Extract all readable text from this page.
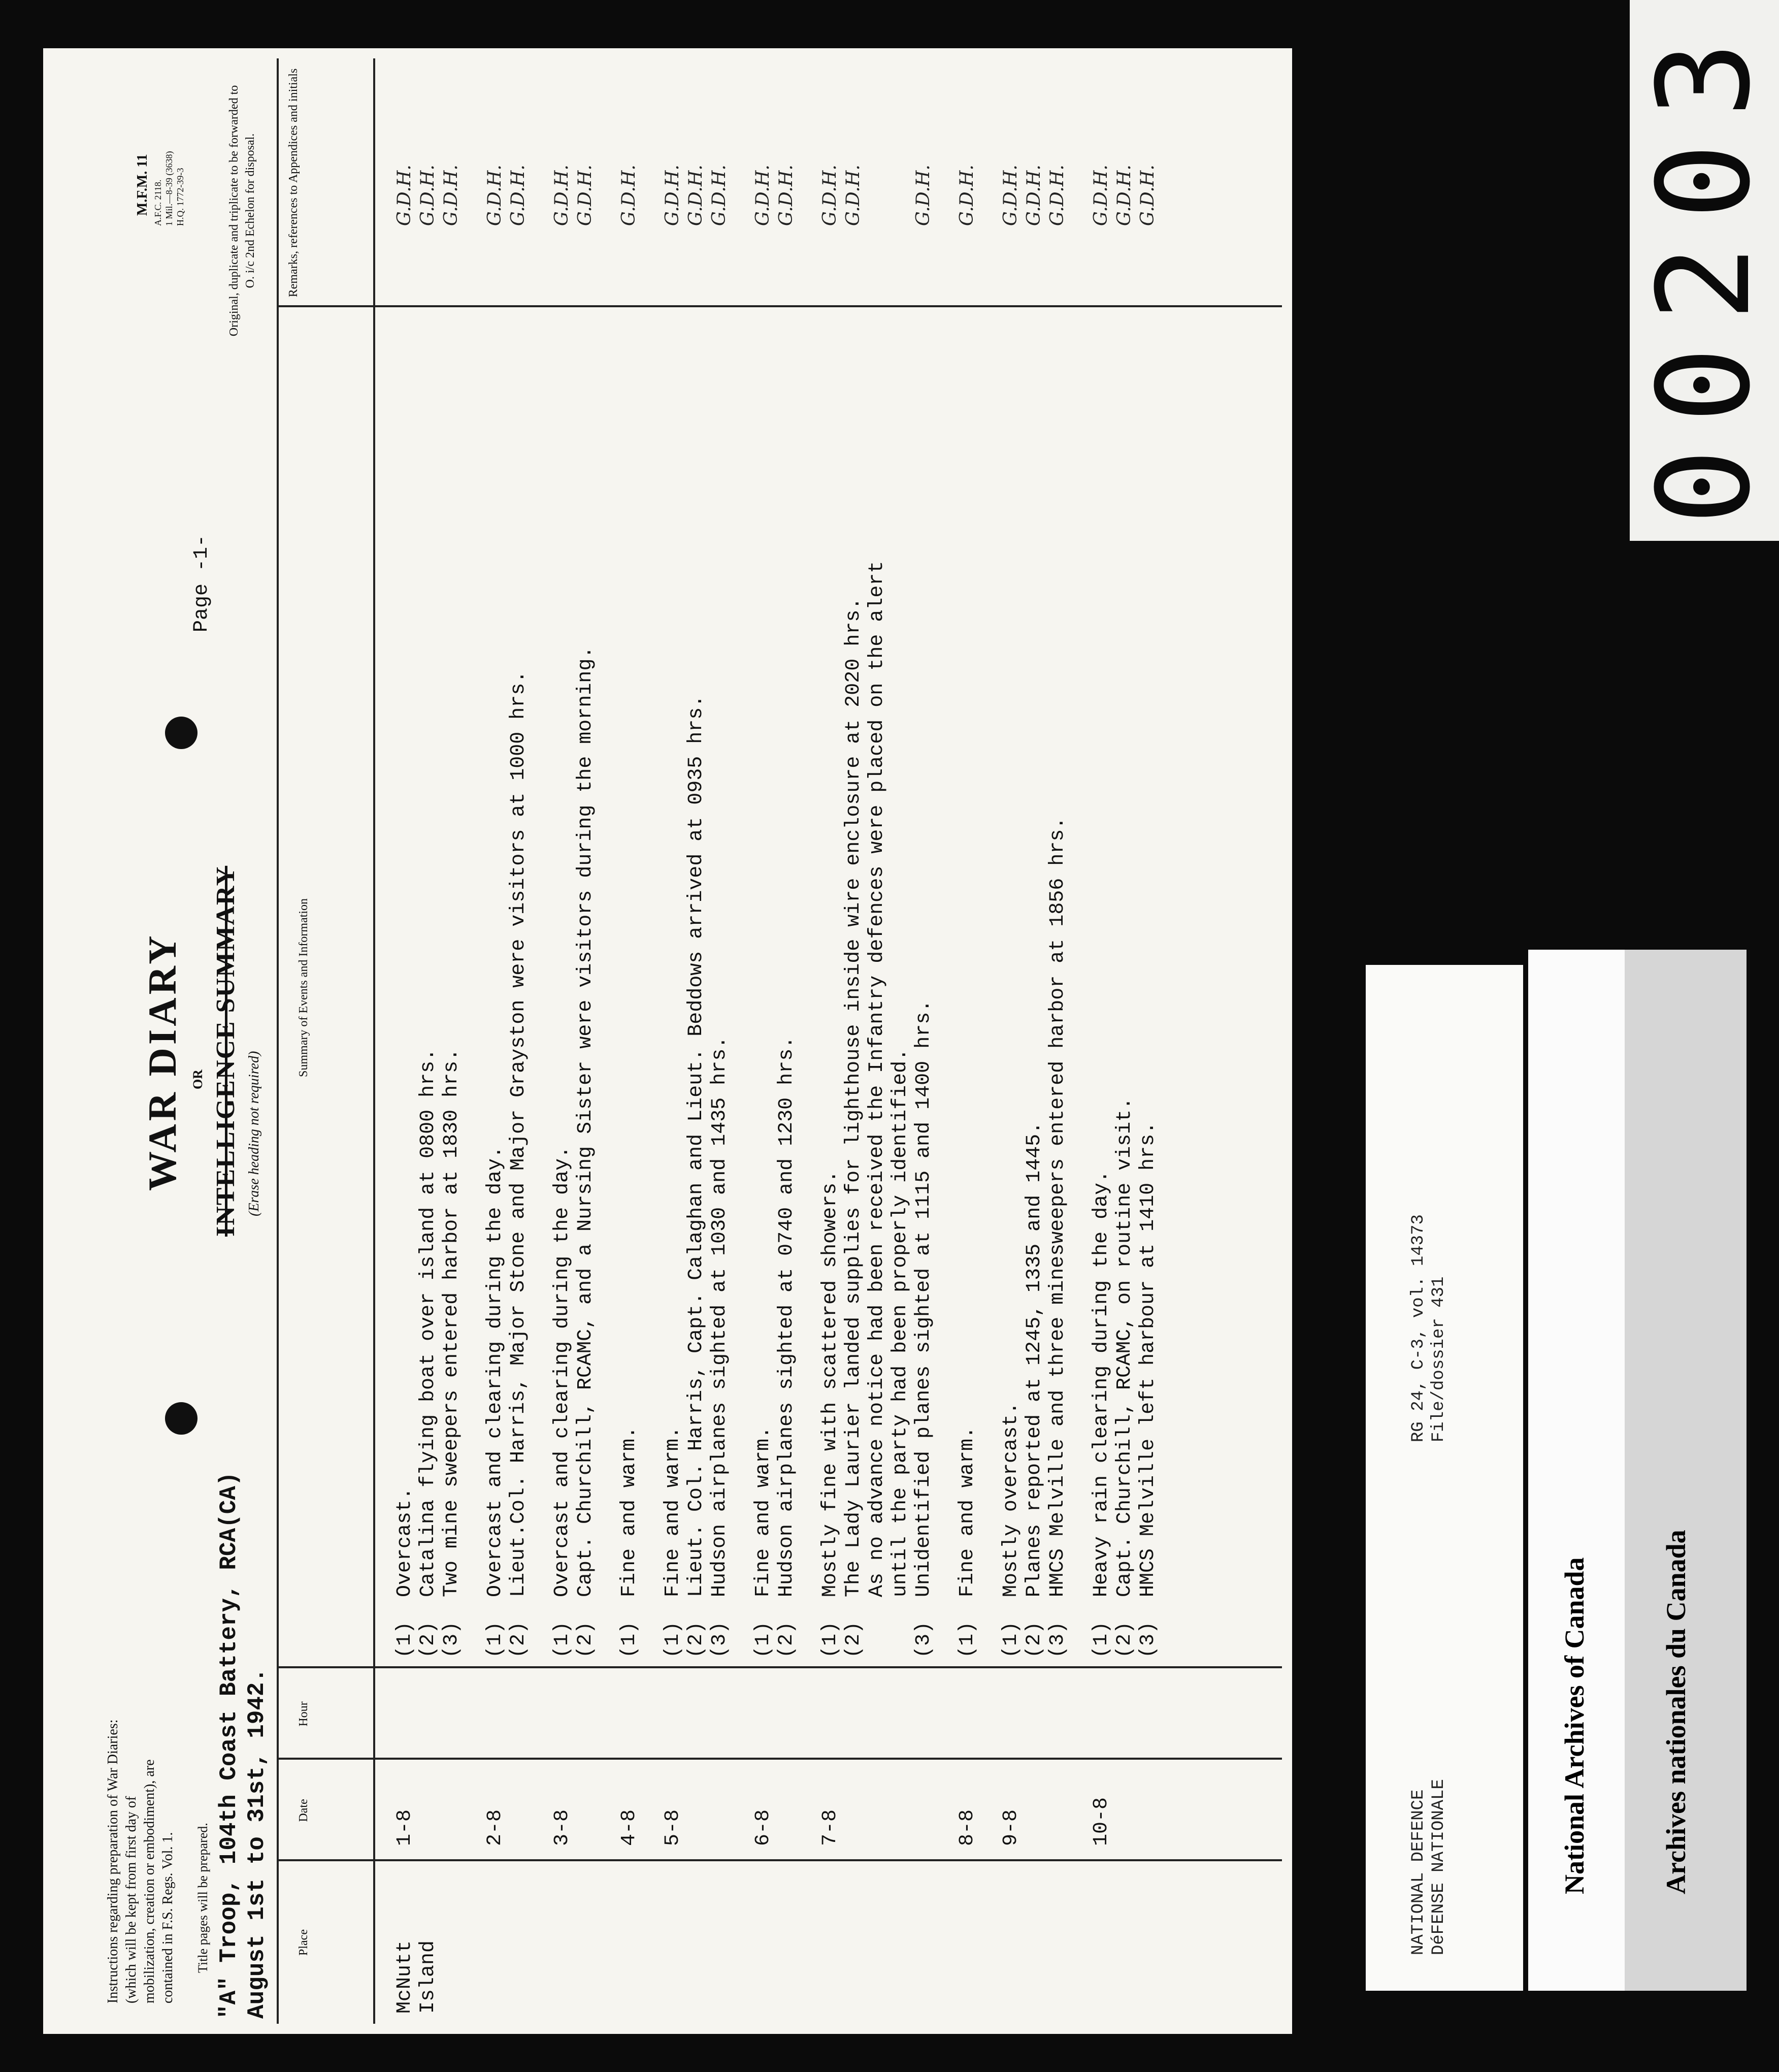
Instructions regarding preparation of War Diaries: (which will be kept from first day of mobilization, creation or embodiment), are contained in F.S. Regs. Vol. 1. Title pages will be prepared. "A" Troop, 104th Coast Battery, RCA(CA) August 1st to 31st, 1942.
WAR DIARY OR INTELLIGENCE SUMMARY (Erase heading not required)
Page -1-
M.F.M. 11 A.F.C. 2118.
1 Mil.—8-39 (3638)
H.Q. 1772-39-3	Original, duplicate and triplicate to be forwarded to O. i/c 2nd Echelon for disposal.
Place
Date
Hour
Summary of Events and Information
Remarks, references to Appendices and initials
McNutt
Island
1-8
(1)  Overcast.
G.D.H.
(2)  Catalina flying boat over island at 0800 hrs.
G.D.H.
(3)  Two mine sweepers entered harbor at 1830 hrs.
G.D.H.
2-8
(1)  Overcast and clearing during the day.
G.D.H.
(2)  Lieut.Col. Harris, Major Stone and Major Grayston were visitors at 1000 hrs.
G.D.H.
3-8
(1)  Overcast and clearing during the day.
G.D.H.
(2)  Capt. Churchill, RCAMC, and a Nursing Sister were visitors during the morning.
G.D.H.
4-8
(1)  Fine and warm.
G.D.H.
5-8
(1)  Fine and warm.
G.D.H.
(2)  Lieut. Col. Harris, Capt. Calaghan and Lieut. Beddows arrived at 0935 hrs.
G.D.H.
(3)  Hudson airplanes sighted at 1030 and 1435 hrs.
G.D.H.
6-8
(1)  Fine and warm.
G.D.H.
(2)  Hudson airplanes sighted at 0740 and 1230 hrs.
G.D.H.
7-8
(1)  Mostly fine with scattered showers.
G.D.H.
(2)  The Lady Laurier landed supplies for lighthouse inside wire enclosure at 2020 hrs.
G.D.H.
As no advance notice had been received the Infantry defences were placed on the alert until the party had been properly identified. (3)  Unidentified planes sighted at 1115 and 1400 hrs.
G.D.H.
8-8
(1)  Fine and warm.
G.D.H.
9-8
(1)  Mostly overcast.
G.D.H.
(2)  Planes reported at 1245, 1335 and 1445.
G.D.H.
(3)  HMCS Melville and three minesweepers entered harbor at 1856 hrs.
G.D.H.
10-8
(1)  Heavy rain clearing during the day.
G.D.H.
(2)  Capt. Churchill, RCAMC, on routine visit.
G.D.H.
(3)  HMCS Melville left harbour at 1410 hrs.
G.D.H.
NATIONAL DEFENCE DéFENSE NATIONALE
RG 24, C-3, vol. 14373 File/dossier 431
National Archives of Canada	Archives nationales du Canada
00203
